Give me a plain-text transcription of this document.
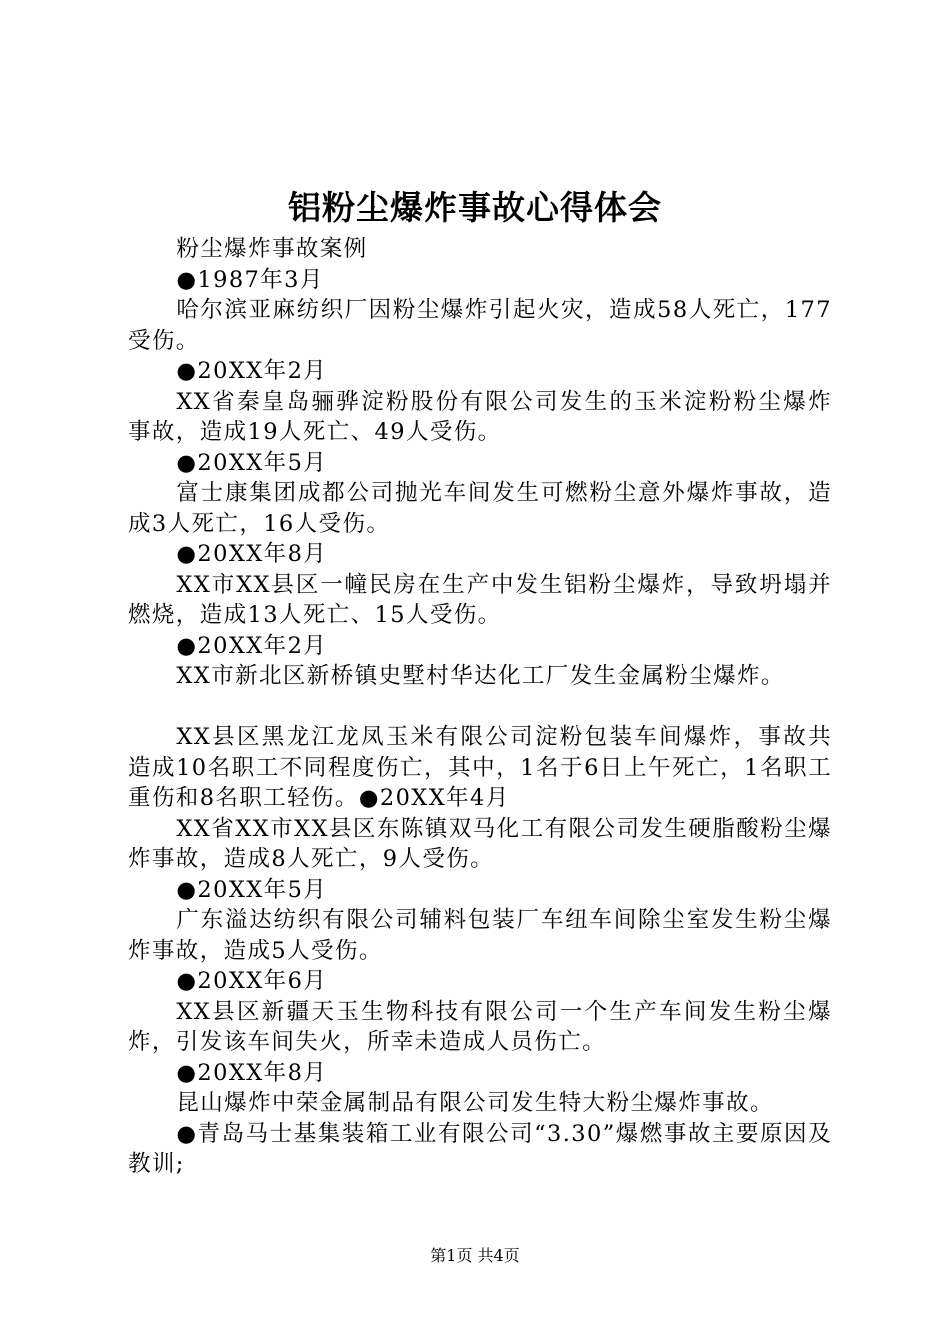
铝粉尘爆炸事故心得体会

粉尘爆炸事故案例

●1987年3月

哈尔滨亚麻纺织厂因粉尘爆炸引起火灾，造成58人死亡，177受伤。

●20XX年2月

XX省秦皇岛骊骅淀粉股份有限公司发生的玉米淀粉粉尘爆炸事故，造成19人死亡、49人受伤。

●20XX年5月

富士康集团成都公司抛光车间发生可燃粉尘意外爆炸事故，造成3人死亡，16人受伤。

●20XX年8月

XX市XX县区一幢民房在生产中发生铝粉尘爆炸，导致坍塌并燃烧，造成13人死亡、15人受伤。

●20XX年2月

XX市新北区新桥镇史墅村华达化工厂发生金属粉尘爆炸。

XX县区黑龙江龙凤玉米有限公司淀粉包装车间爆炸，事故共造成10名职工不同程度伤亡，其中，1名于6日上午死亡，1名职工重伤和8名职工轻伤。●20XX年4月

XX省XX市XX县区东陈镇双马化工有限公司发生硬脂酸粉尘爆炸事故，造成8人死亡，9人受伤。

●20XX年5月

广东溢达纺织有限公司辅料包装厂车纽车间除尘室发生粉尘爆炸事故，造成5人受伤。

●20XX年6月

XX县区新疆天玉生物科技有限公司一个生产车间发生粉尘爆炸，引发该车间失火，所幸未造成人员伤亡。

●20XX年8月

昆山爆炸中荣金属制品有限公司发生特大粉尘爆炸事故。

●青岛马士基集装箱工业有限公司“3.30”爆燃事故主要原因及教训;

第1页 共4页
